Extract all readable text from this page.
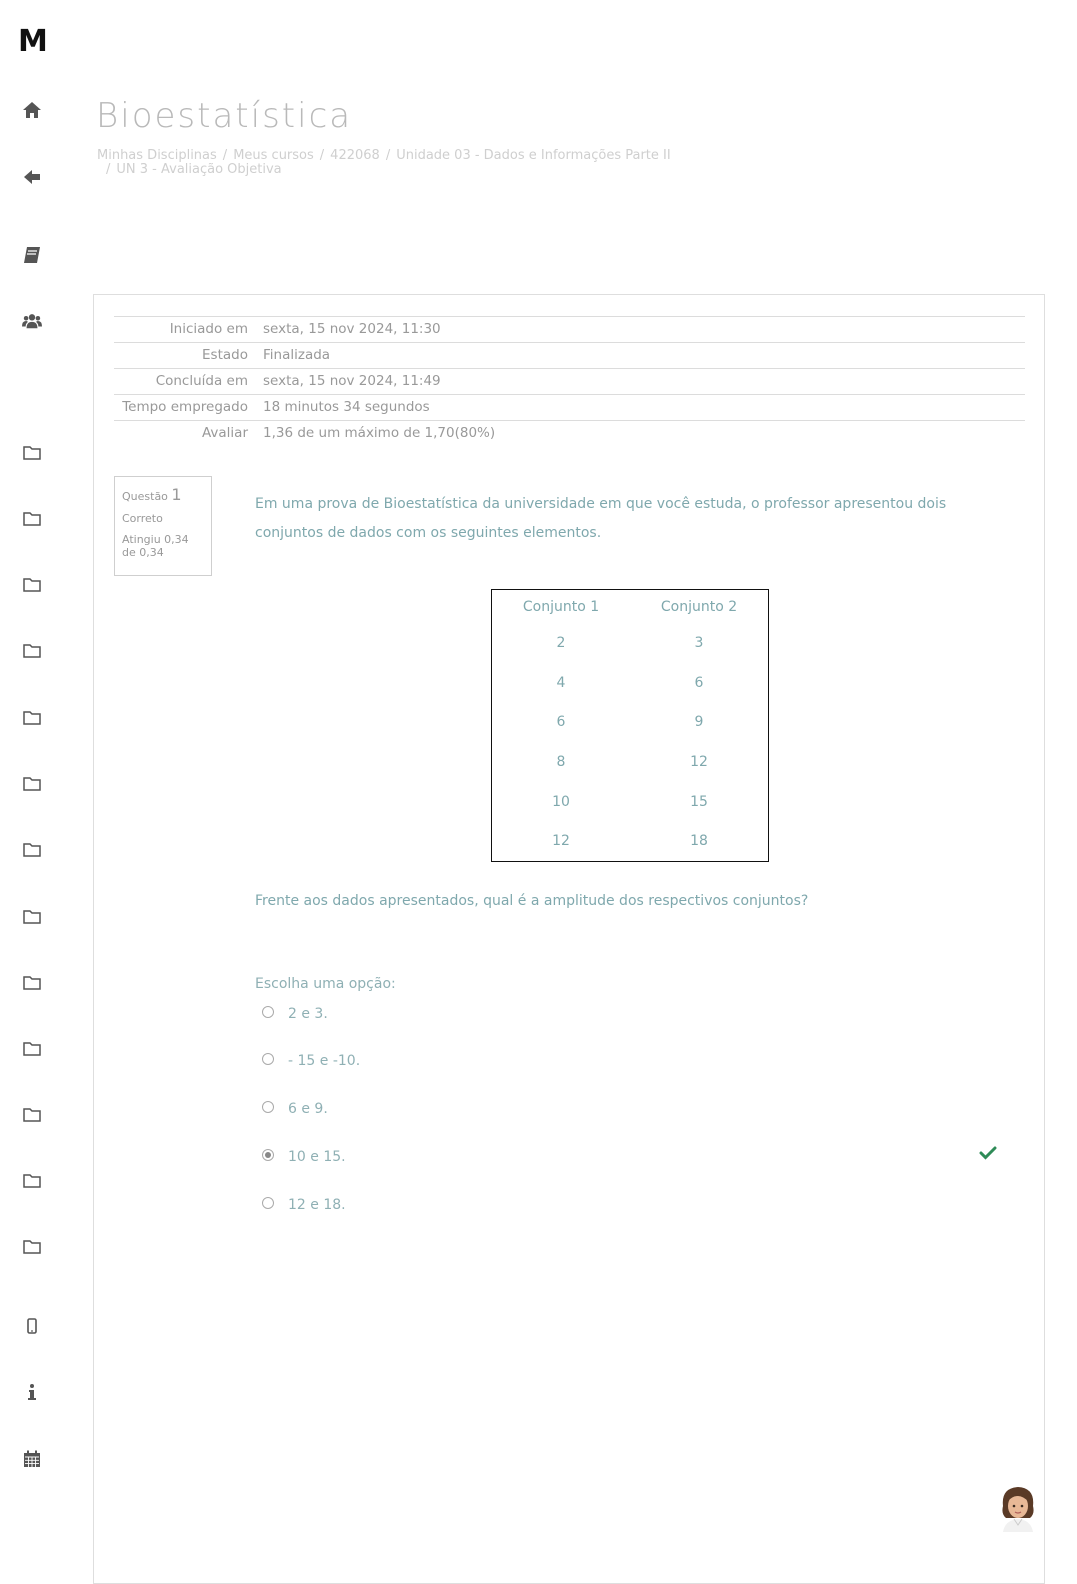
M
Bioestatística
Minhas Disciplinas / Meus cursos / 422068 / Unidade 03 - Dados e Informações Parte II
/ UN 3 - Avaliação Objetiva
Iniciado em	sexta, 15 nov 2024, 11:30
Estado	Finalizada
Concluída em	sexta, 15 nov 2024, 11:49
Tempo empregado	18 minutos 34 segundos
Avaliar	1,36 de um máximo de 1,70(80%)
Questão 1
Correto
Atingiu 0,34 de 0,34

Em uma prova de Bioestatística da universidade em que você estuda, o professor apresentou dois conjuntos de dados com os seguintes elementos.

Conjunto 1	Conjunto 2
2	3
4	6
6	9
8	12
10	15
12	18

Frente aos dados apresentados, qual é a amplitude dos respectivos conjuntos?

Escolha uma opção:

2 e 3.
- 15 e -10.
6 e 9.
10 e 15.
12 e 18.
